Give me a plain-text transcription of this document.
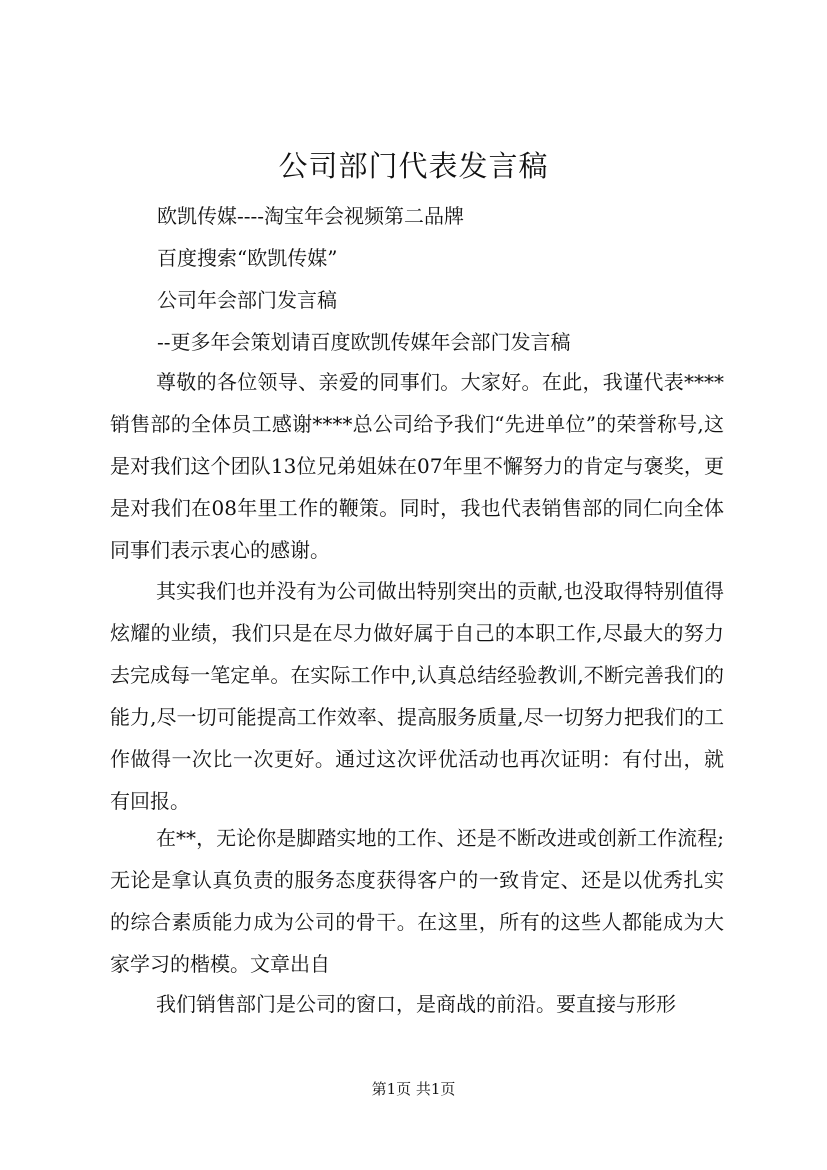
公司部门代表发言稿
欧凯传媒----淘宝年会视频第二品牌
百度搜索“欧凯传媒”
公司年会部门发言稿
--更多年会策划请百度欧凯传媒年会部门发言稿

尊敬的各位领导、亲爱的同事们。大家好。在此，我谨代表****销售部的全体员工感谢****总公司给予我们“先进单位”的荣誉称号,这是对我们这个团队13位兄弟姐妹在07年里不懈努力的肯定与褒奖，更是对我们在08年里工作的鞭策。同时，我也代表销售部的同仁向全体同事们表示衷心的感谢。

其实我们也并没有为公司做出特别突出的贡献,也没取得特别值得炫耀的业绩，我们只是在尽力做好属于自己的本职工作,尽最大的努力去完成每一笔定单。在实际工作中,认真总结经验教训,不断完善我们的能力,尽一切可能提高工作效率、提高服务质量,尽一切努力把我们的工作做得一次比一次更好。通过这次评优活动也再次证明：有付出，就有回报。

在**，无论你是脚踏实地的工作、还是不断改进或创新工作流程;无论是拿认真负责的服务态度获得客户的一致肯定、还是以优秀扎实的综合素质能力成为公司的骨干。在这里，所有的这些人都能成为大家学习的楷模。文章出自

我们销售部门是公司的窗口，是商战的前沿。要直接与形形

第1页 共1页
